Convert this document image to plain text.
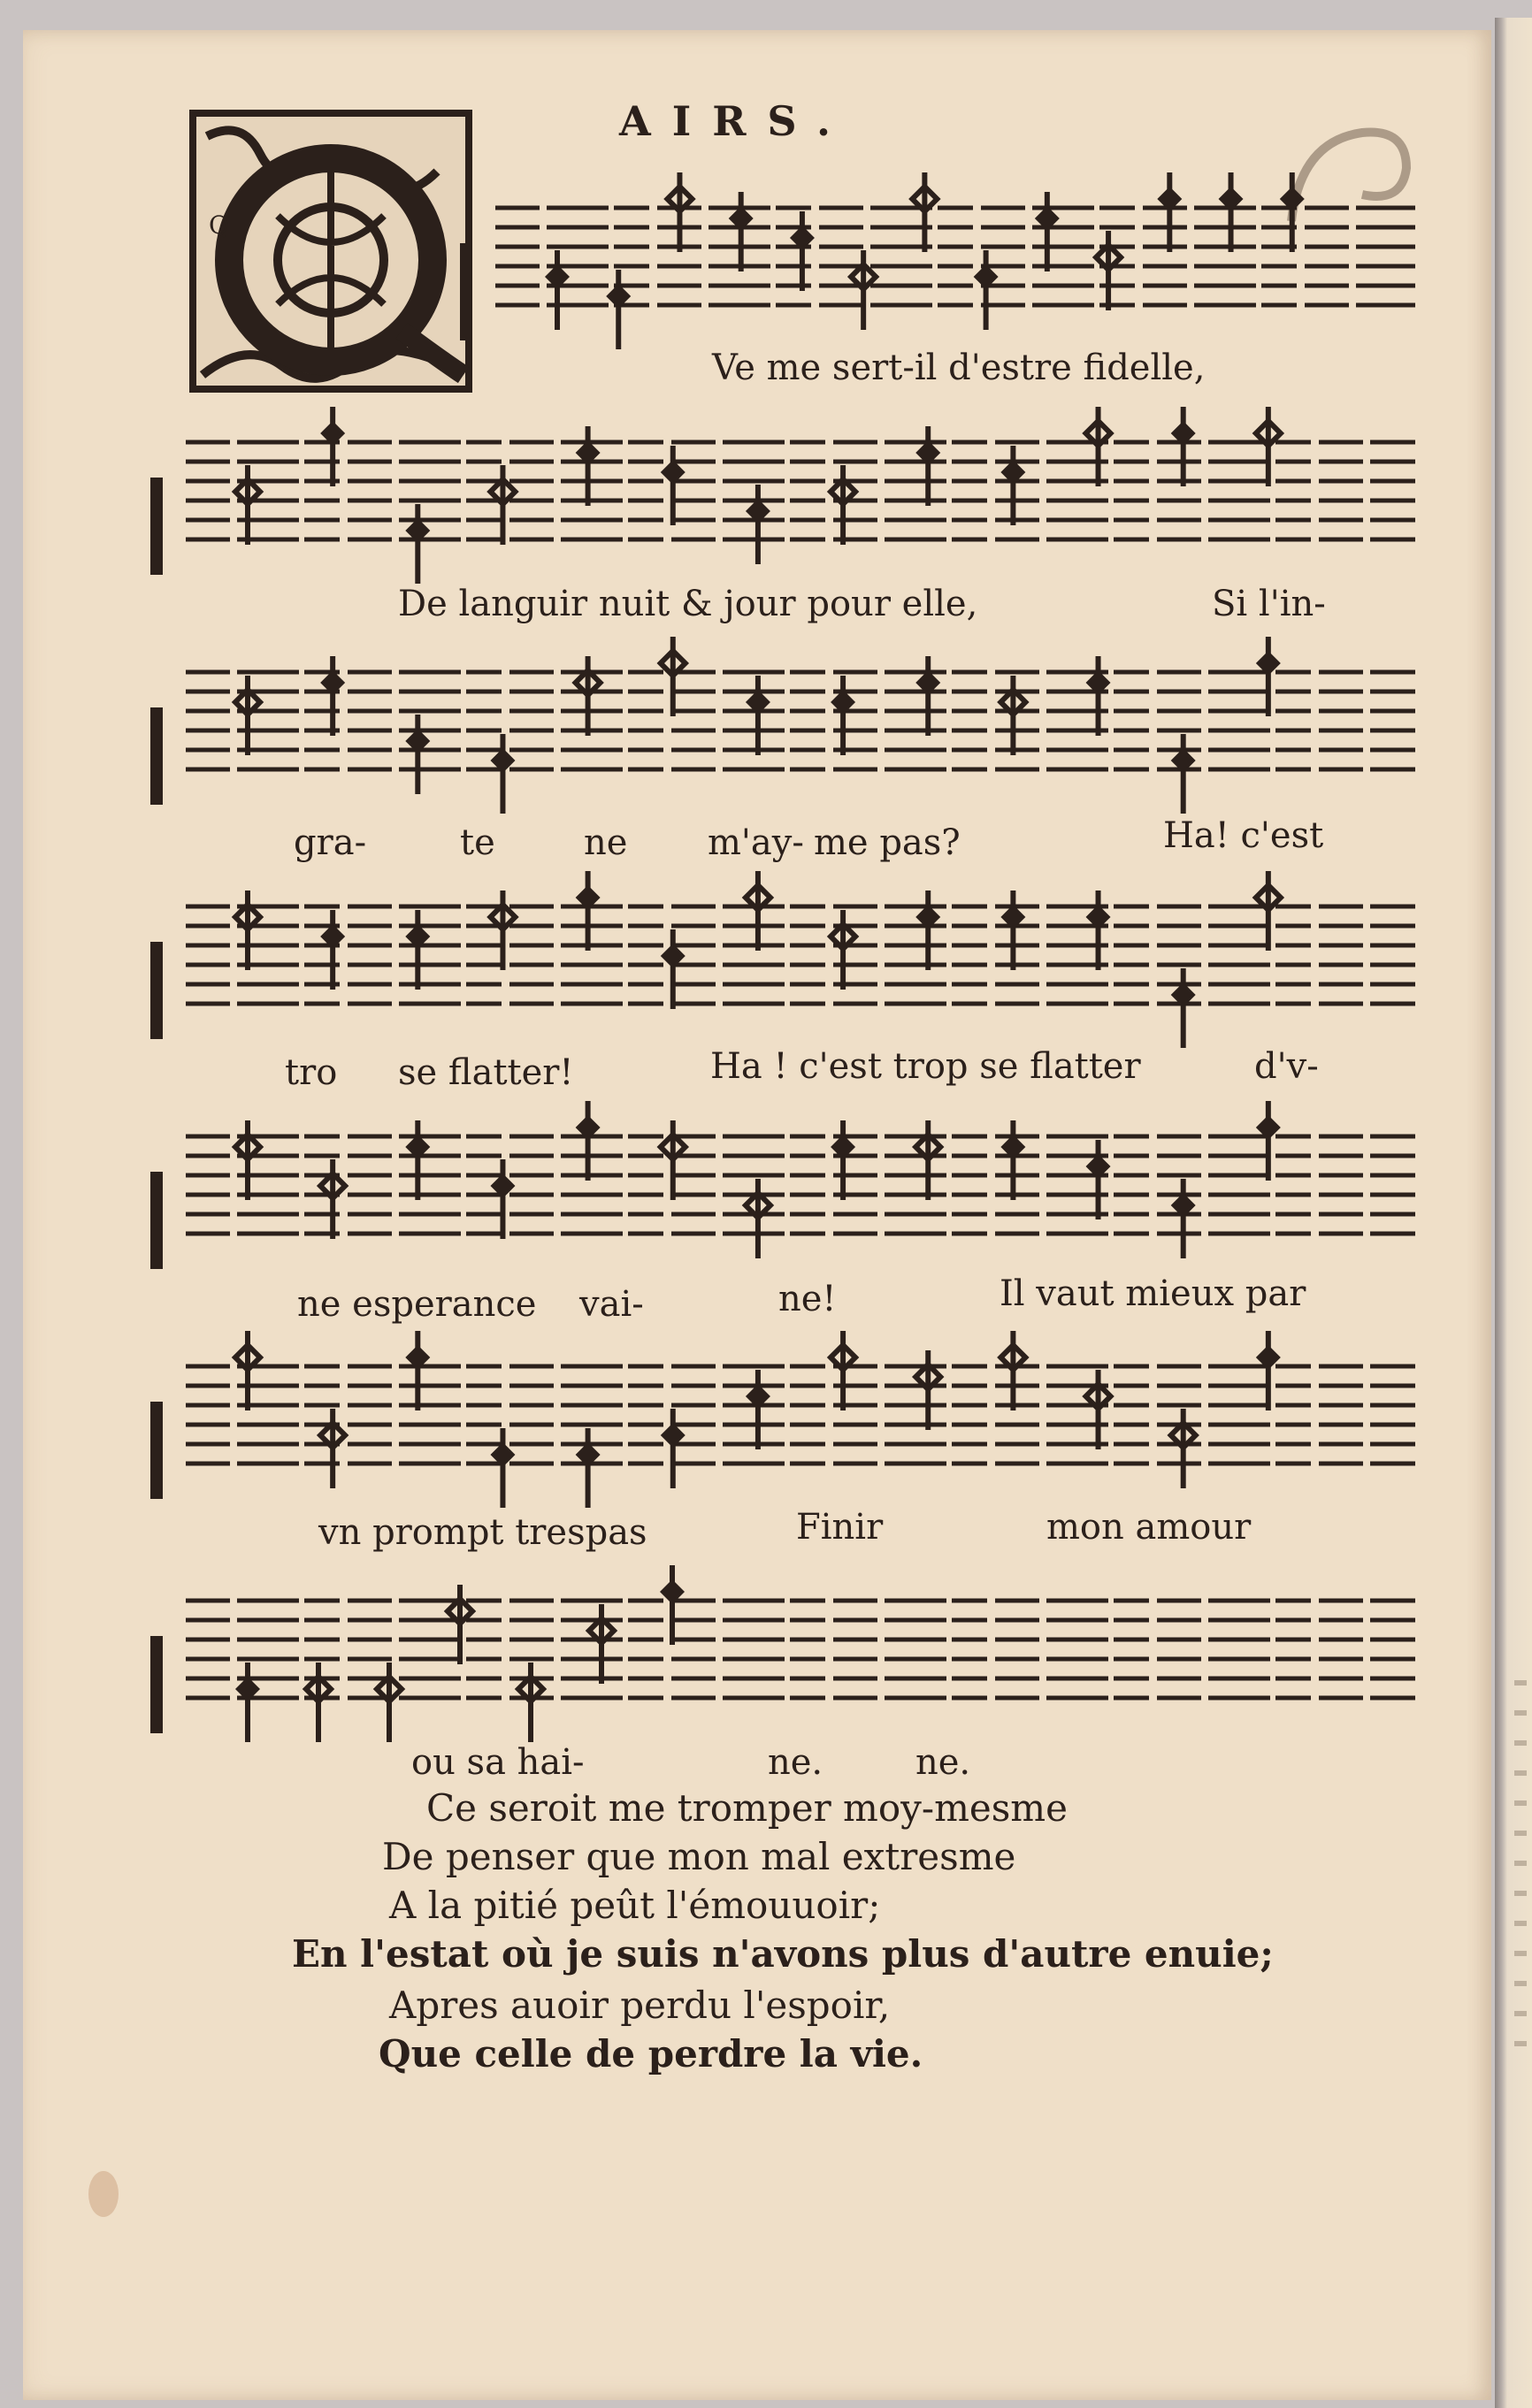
AIRS.
Q
Ve me sert-il d'estre fidelle,
De languir nuit & jour pour elle,	Si l'in-
gra-	te	ne m'ay- me pas?	Ha! c'est
tro se flatter!	Ha ! c'est trop se flatter	d'v-
ne esperance vai-	ne!	Il vaut mieux par
vn prompt trespas	Finir	mon amour
ou sa hai-	ne.	ne.
Ce seroit me tromper moy-mesme
De penser que mon mal extresme
A la pitié peût l'émouuoir;
En l'estat où je suis n'avons plus d'autre enuie;
Apres auoir perdu l'espoir,
Que celle de perdre la vie.
